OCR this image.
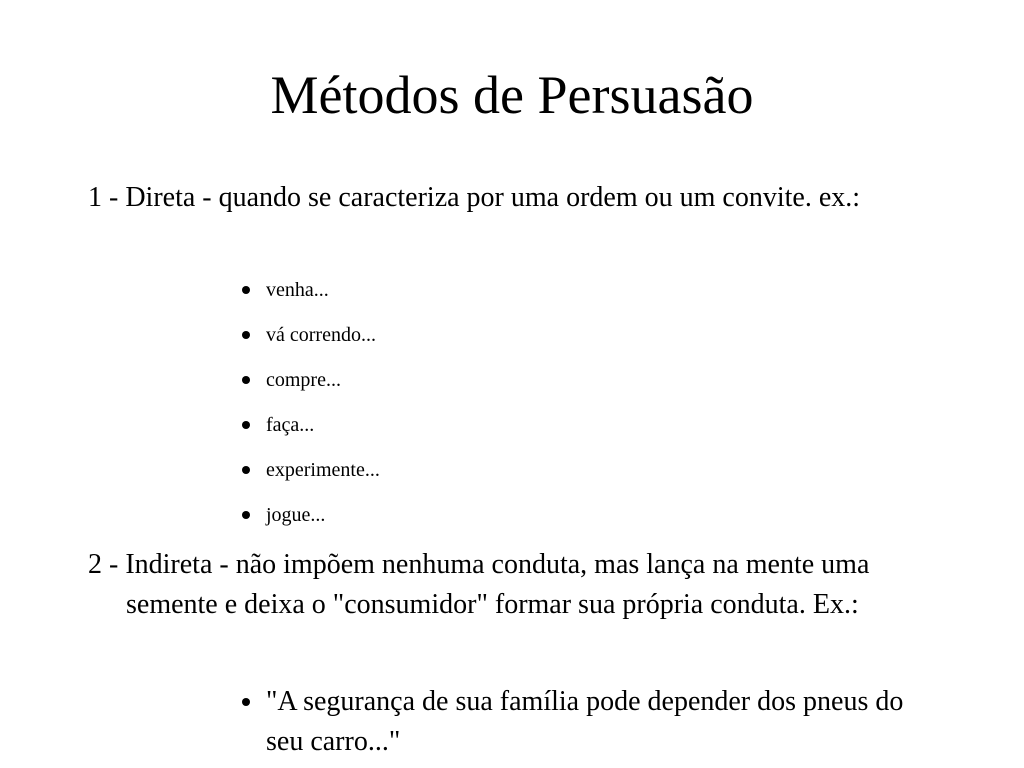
Métodos de Persuasão

1 - Direta - quando se caracteriza por uma ordem ou um convite. ex.:

venha...
vá correndo...
compre...
faça...
experimente...
jogue...

2 - Indireta - não impõem nenhuma conduta, mas lança na mente uma semente e deixa o "consumidor" formar sua própria conduta. Ex.:

"A segurança de sua família pode depender dos pneus do seu carro..."
